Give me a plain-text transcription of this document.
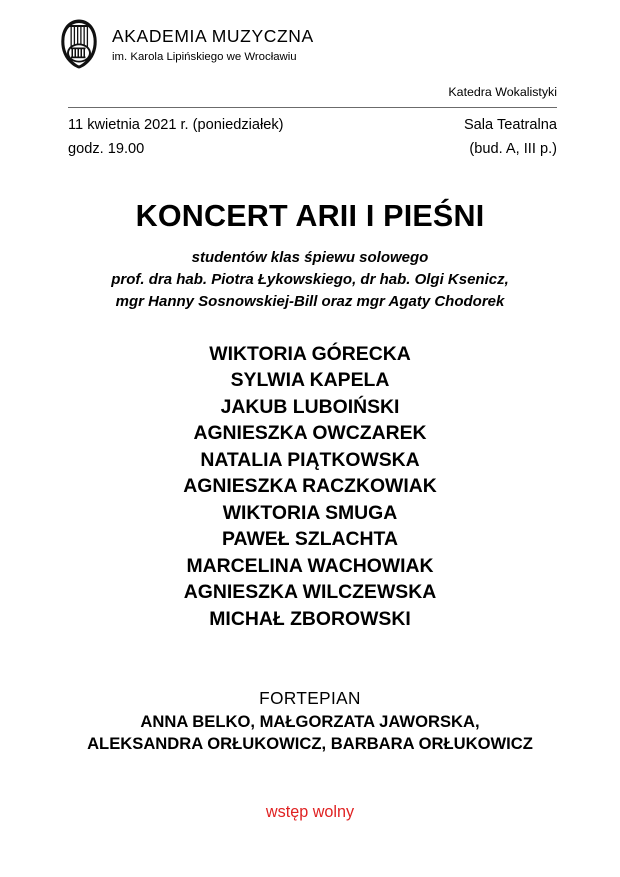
AKADEMIA MUZYCZNA
im. Karola Lipińskiego we Wrocławiu
Katedra Wokalistyki
11 kwietnia 2021 r. (poniedziałek)
godz. 19.00
Sala Teatralna
(bud. A, III p.)
KONCERT ARII I PIEŚNI
studentów klas śpiewu solowego
prof. dra hab. Piotra Łykowskiego, dr hab. Olgi Ksenicz,
mgr Hanny Sosnowskiej-Bill oraz mgr Agaty Chodorek
WIKTORIA GÓRECKA
SYLWIA KAPELA
JAKUB LUBOIŃSKI
AGNIESZKA OWCZAREK
NATALIA PIĄTKOWSKA
AGNIESZKA RACZKOWIAK
WIKTORIA SMUGA
PAWEŁ SZLACHTA
MARCELINA WACHOWIAK
AGNIESZKA WILCZEWSKA
MICHAŁ ZBOROWSKI
FORTEPIAN
ANNA BELKO, MAŁGORZATA JAWORSKA,
ALEKSANDRA ORŁUKOWICZ, BARBARA ORŁUKOWICZ
wstęp wolny
